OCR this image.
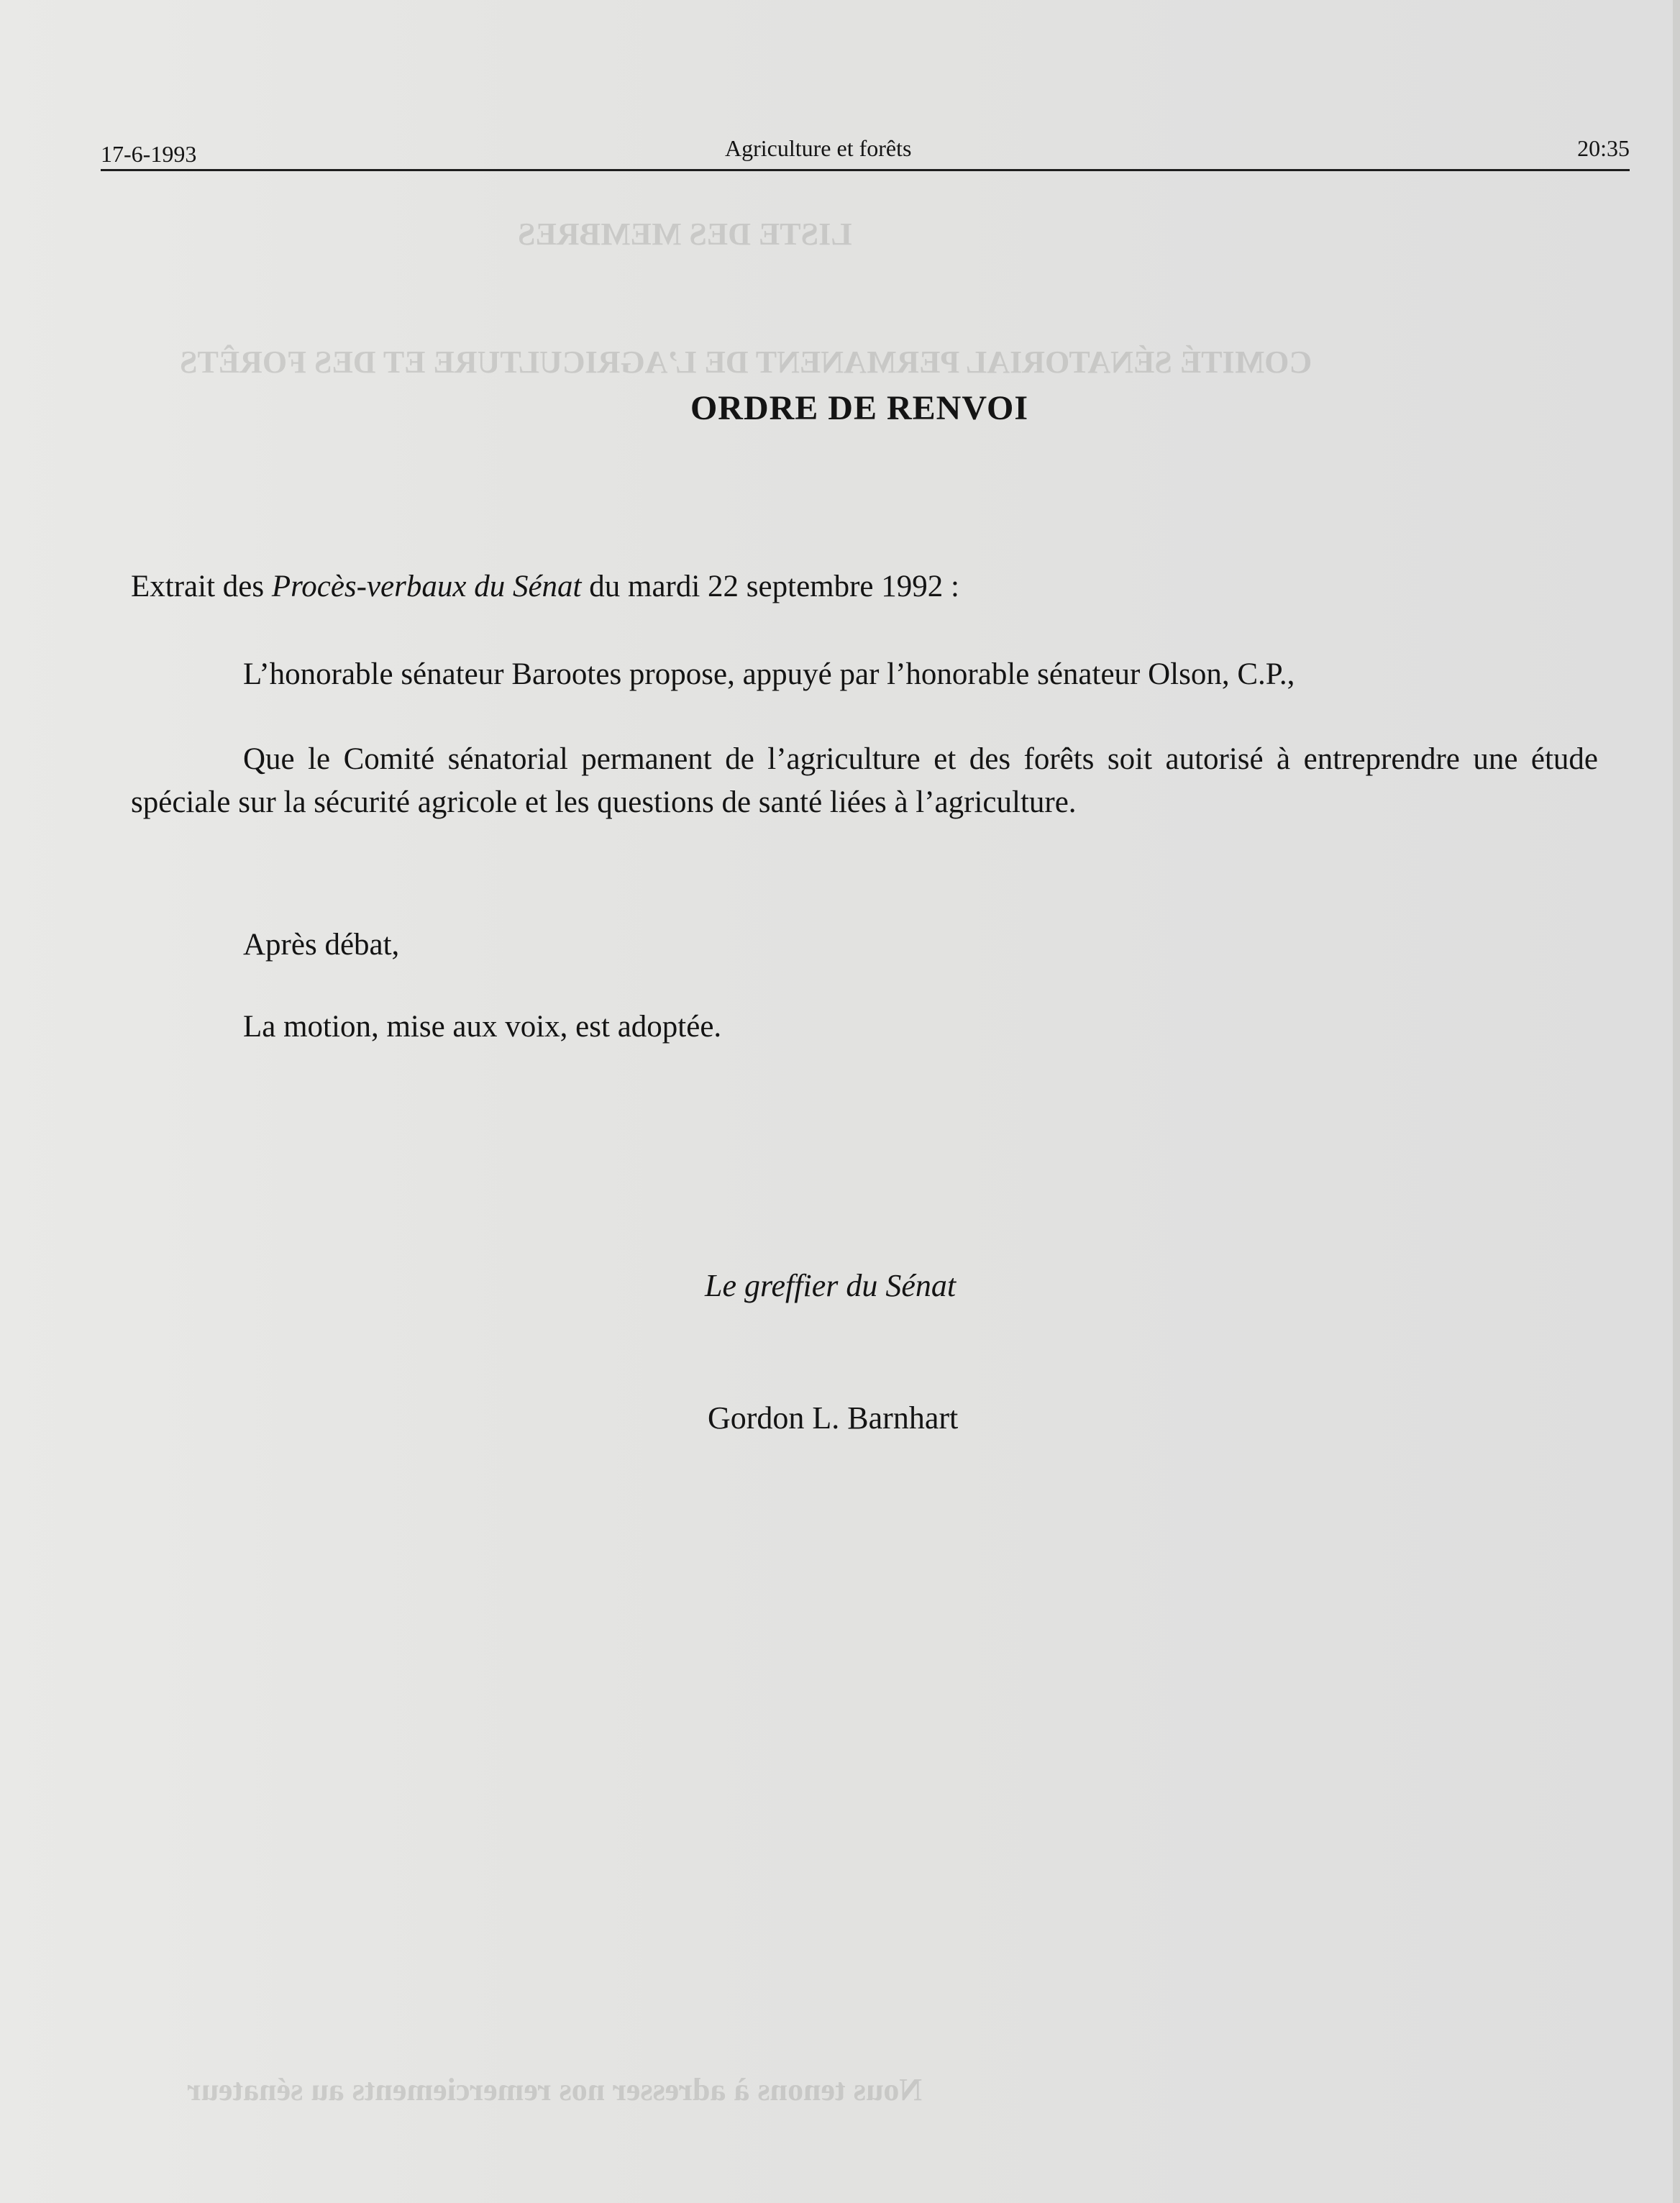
LISTE DES MEMBRES
COMITÉ SÉNATORIAL PERMANENT DE L’AGRICULTURE ET DES FORÊTS
Nous tenons à adresser nos remerciements au sénateur
17-6-1993	Agriculture et forêts	20:35
ORDRE DE RENVOI
Extrait des Procès-verbaux du Sénat du mardi 22 septembre 1992 :
L’honorable sénateur Barootes propose, appuyé par l’honorable sénateur Olson, C.P.,
Que le Comité sénatorial permanent de l’agriculture et des forêts soit autorisé à entreprendre une étude spéciale sur la sécurité agricole et les questions de santé liées à l’agriculture.
Après débat,
La motion, mise aux voix, est adoptée.
Le greffier du Sénat
Gordon L. Barnhart
